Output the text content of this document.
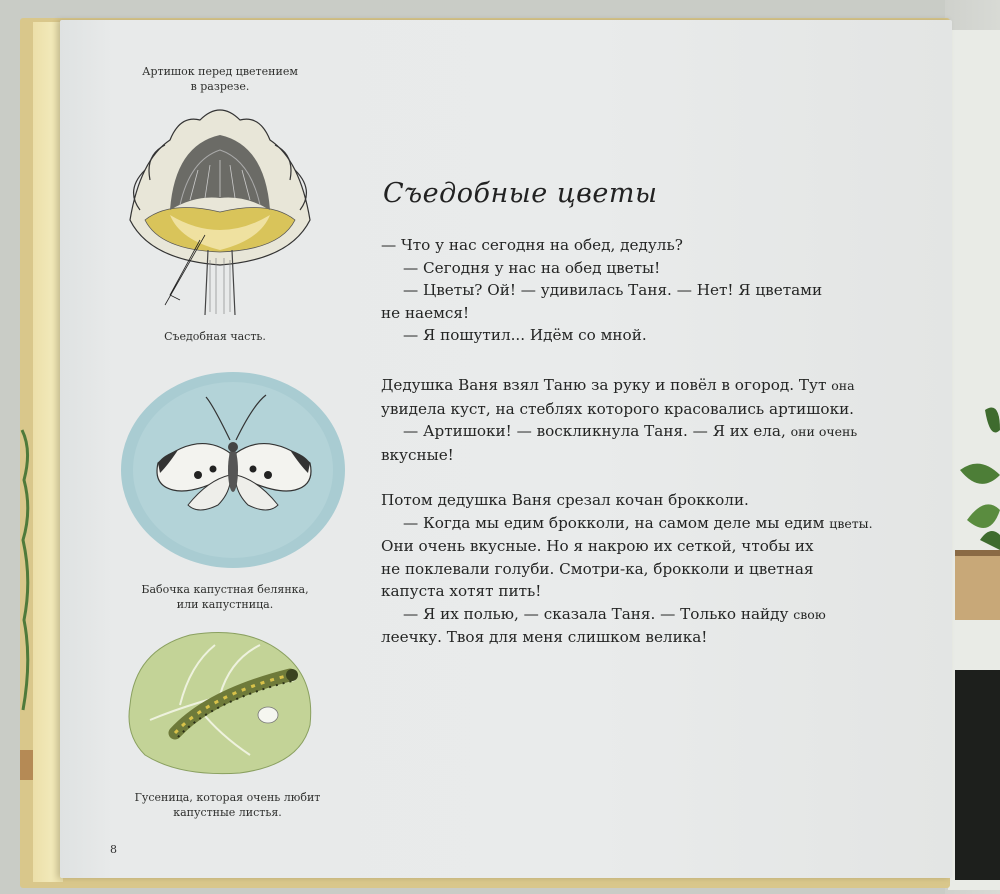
Артишок перед цветением
в разрезе.
Съедобная часть.
Бабочка капустная белянка,
или капустница.
Гусеница, которая очень любит
капустные листья.
Съедобные цветы
— Что у нас сегодня на обед, дедуль?
— Сегодня у нас на обед цветы!
— Цветы? Ой! — удивилась Таня. — Нет! Я цветами
не наемся!
— Я пошутил... Идём со мной.
Дедушка Ваня взял Таню за руку и повёл в огород. Тут она
увидела куст, на стеблях которого красовались артишоки.
— Артишоки! — воскликнула Таня. — Я их ела, они очень
вкусные!
Потом дедушка Ваня срезал кочан брокколи.
— Когда мы едим брокколи, на самом деле мы едим цветы.
Они очень вкусные. Но я накрою их сеткой, чтобы их
не поклевали голуби. Смотри-ка, брокколи и цветная
капуста хотят пить!
— Я их полью, — сказала Таня. — Только найду свою
леечку. Твоя для меня слишком велика!
8
